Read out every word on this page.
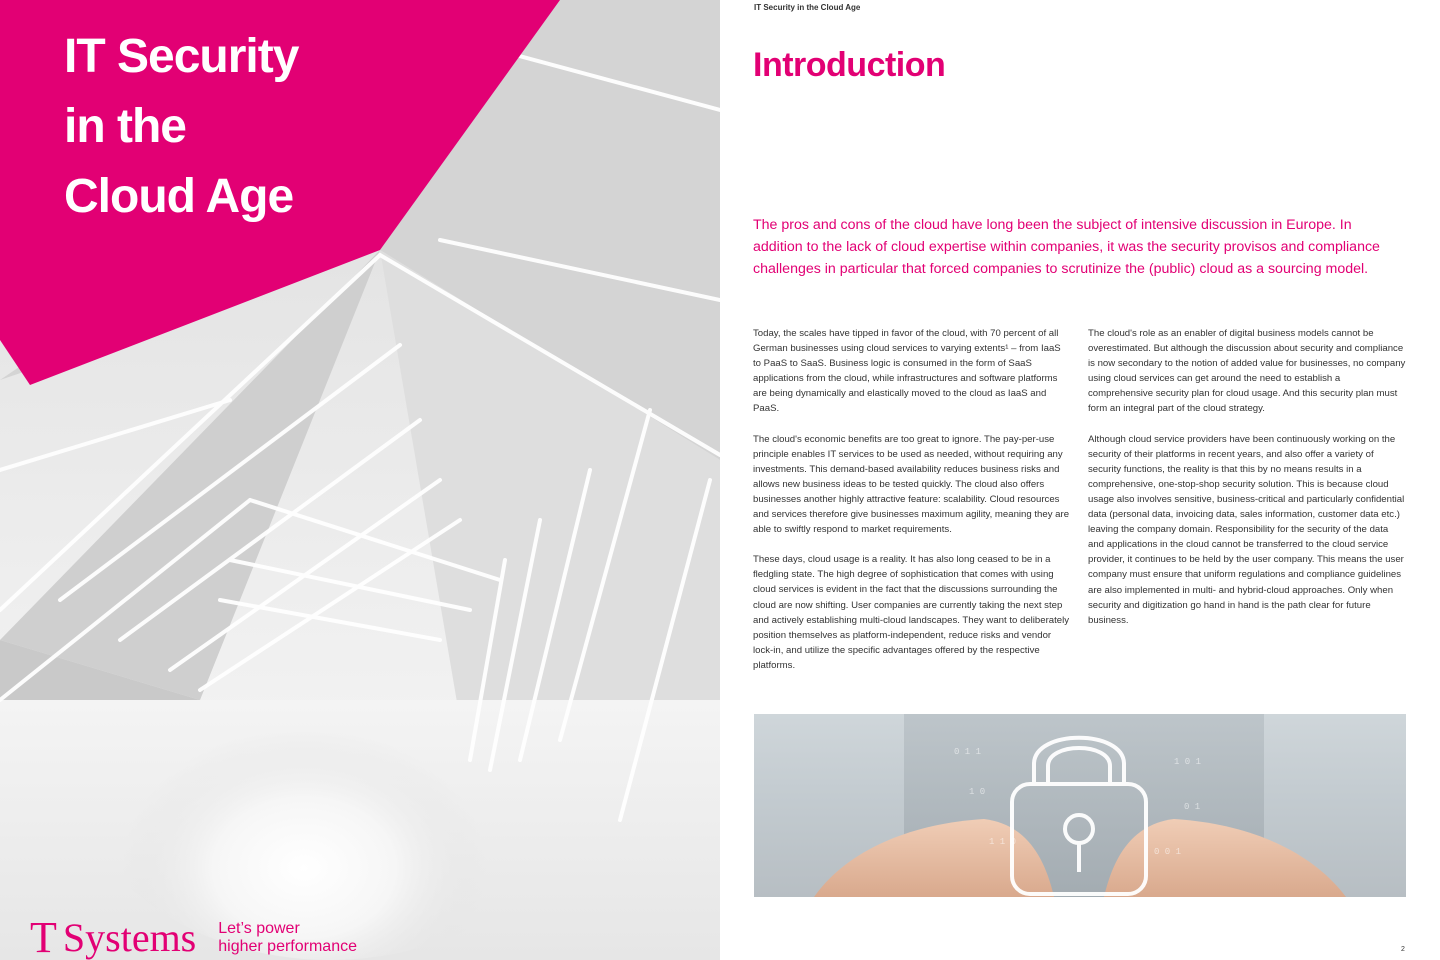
IT Security
in the
Cloud Age
T Systems Let’s power
higher performance
IT Security in the Cloud Age
Introduction

The pros and cons of the cloud have long been the subject of intensive discussion in Europe. In addition to the lack of cloud expertise within companies, it was the security provisos and compliance challenges in particular that forced companies to scrutinize the (public) cloud as a sourcing model.

Today, the scales have tipped in favor of the cloud, with 70 percent of all German businesses using cloud services to varying extents¹ – from IaaS to PaaS to SaaS. Business logic is consumed in the form of SaaS applications from the cloud, while infrastructures and software platforms are being dynamically and elastically moved to the cloud as IaaS and PaaS.

The cloud's economic benefits are too great to ignore. The pay-per-use principle enables IT services to be used as needed, without requiring any investments. This demand-based availability reduces business risks and allows new business ideas to be tested quickly. The cloud also offers businesses another highly attractive feature: scalability. Cloud resources and services therefore give businesses maximum agility, meaning they are able to swiftly respond to market requirements.

These days, cloud usage is a reality. It has also long ceased to be in a fledgling state. The high degree of sophistication that comes with using cloud services is evident in the fact that the discussions surrounding the cloud are now shifting. User companies are currently taking the next step and actively establishing multi-cloud landscapes. They want to deliberately position themselves as platform-independent, reduce risks and vendor lock-in, and utilize the specific advantages offered by the respective platforms.

The cloud's role as an enabler of digital business models cannot be overestimated. But although the discussion about security and compliance is now secondary to the notion of added value for businesses, no company using cloud services can get around the need to establish a comprehensive security plan for cloud usage. And this security plan must form an integral part of the cloud strategy.

Although cloud service providers have been continuously working on the security of their platforms in recent years, and also offer a variety of security functions, the reality is that this by no means results in a comprehensive, one-stop-shop security solution. This is because cloud usage also involves sensitive, business-critical and particularly confidential data (personal data, invoicing data, sales information, customer data etc.) leaving the company domain. Responsibility for the security of the data and applications in the cloud cannot be transferred to the cloud service provider, it continues to be held by the user company. This means the user company must ensure that uniform regulations and compliance guidelines are also implemented in multi- and hybrid-cloud approaches. Only when security and digitization go hand in hand is the path clear for future business.

0 1 1
1 0
1 0 1
0 1
1 1 0
0 0 1
2
